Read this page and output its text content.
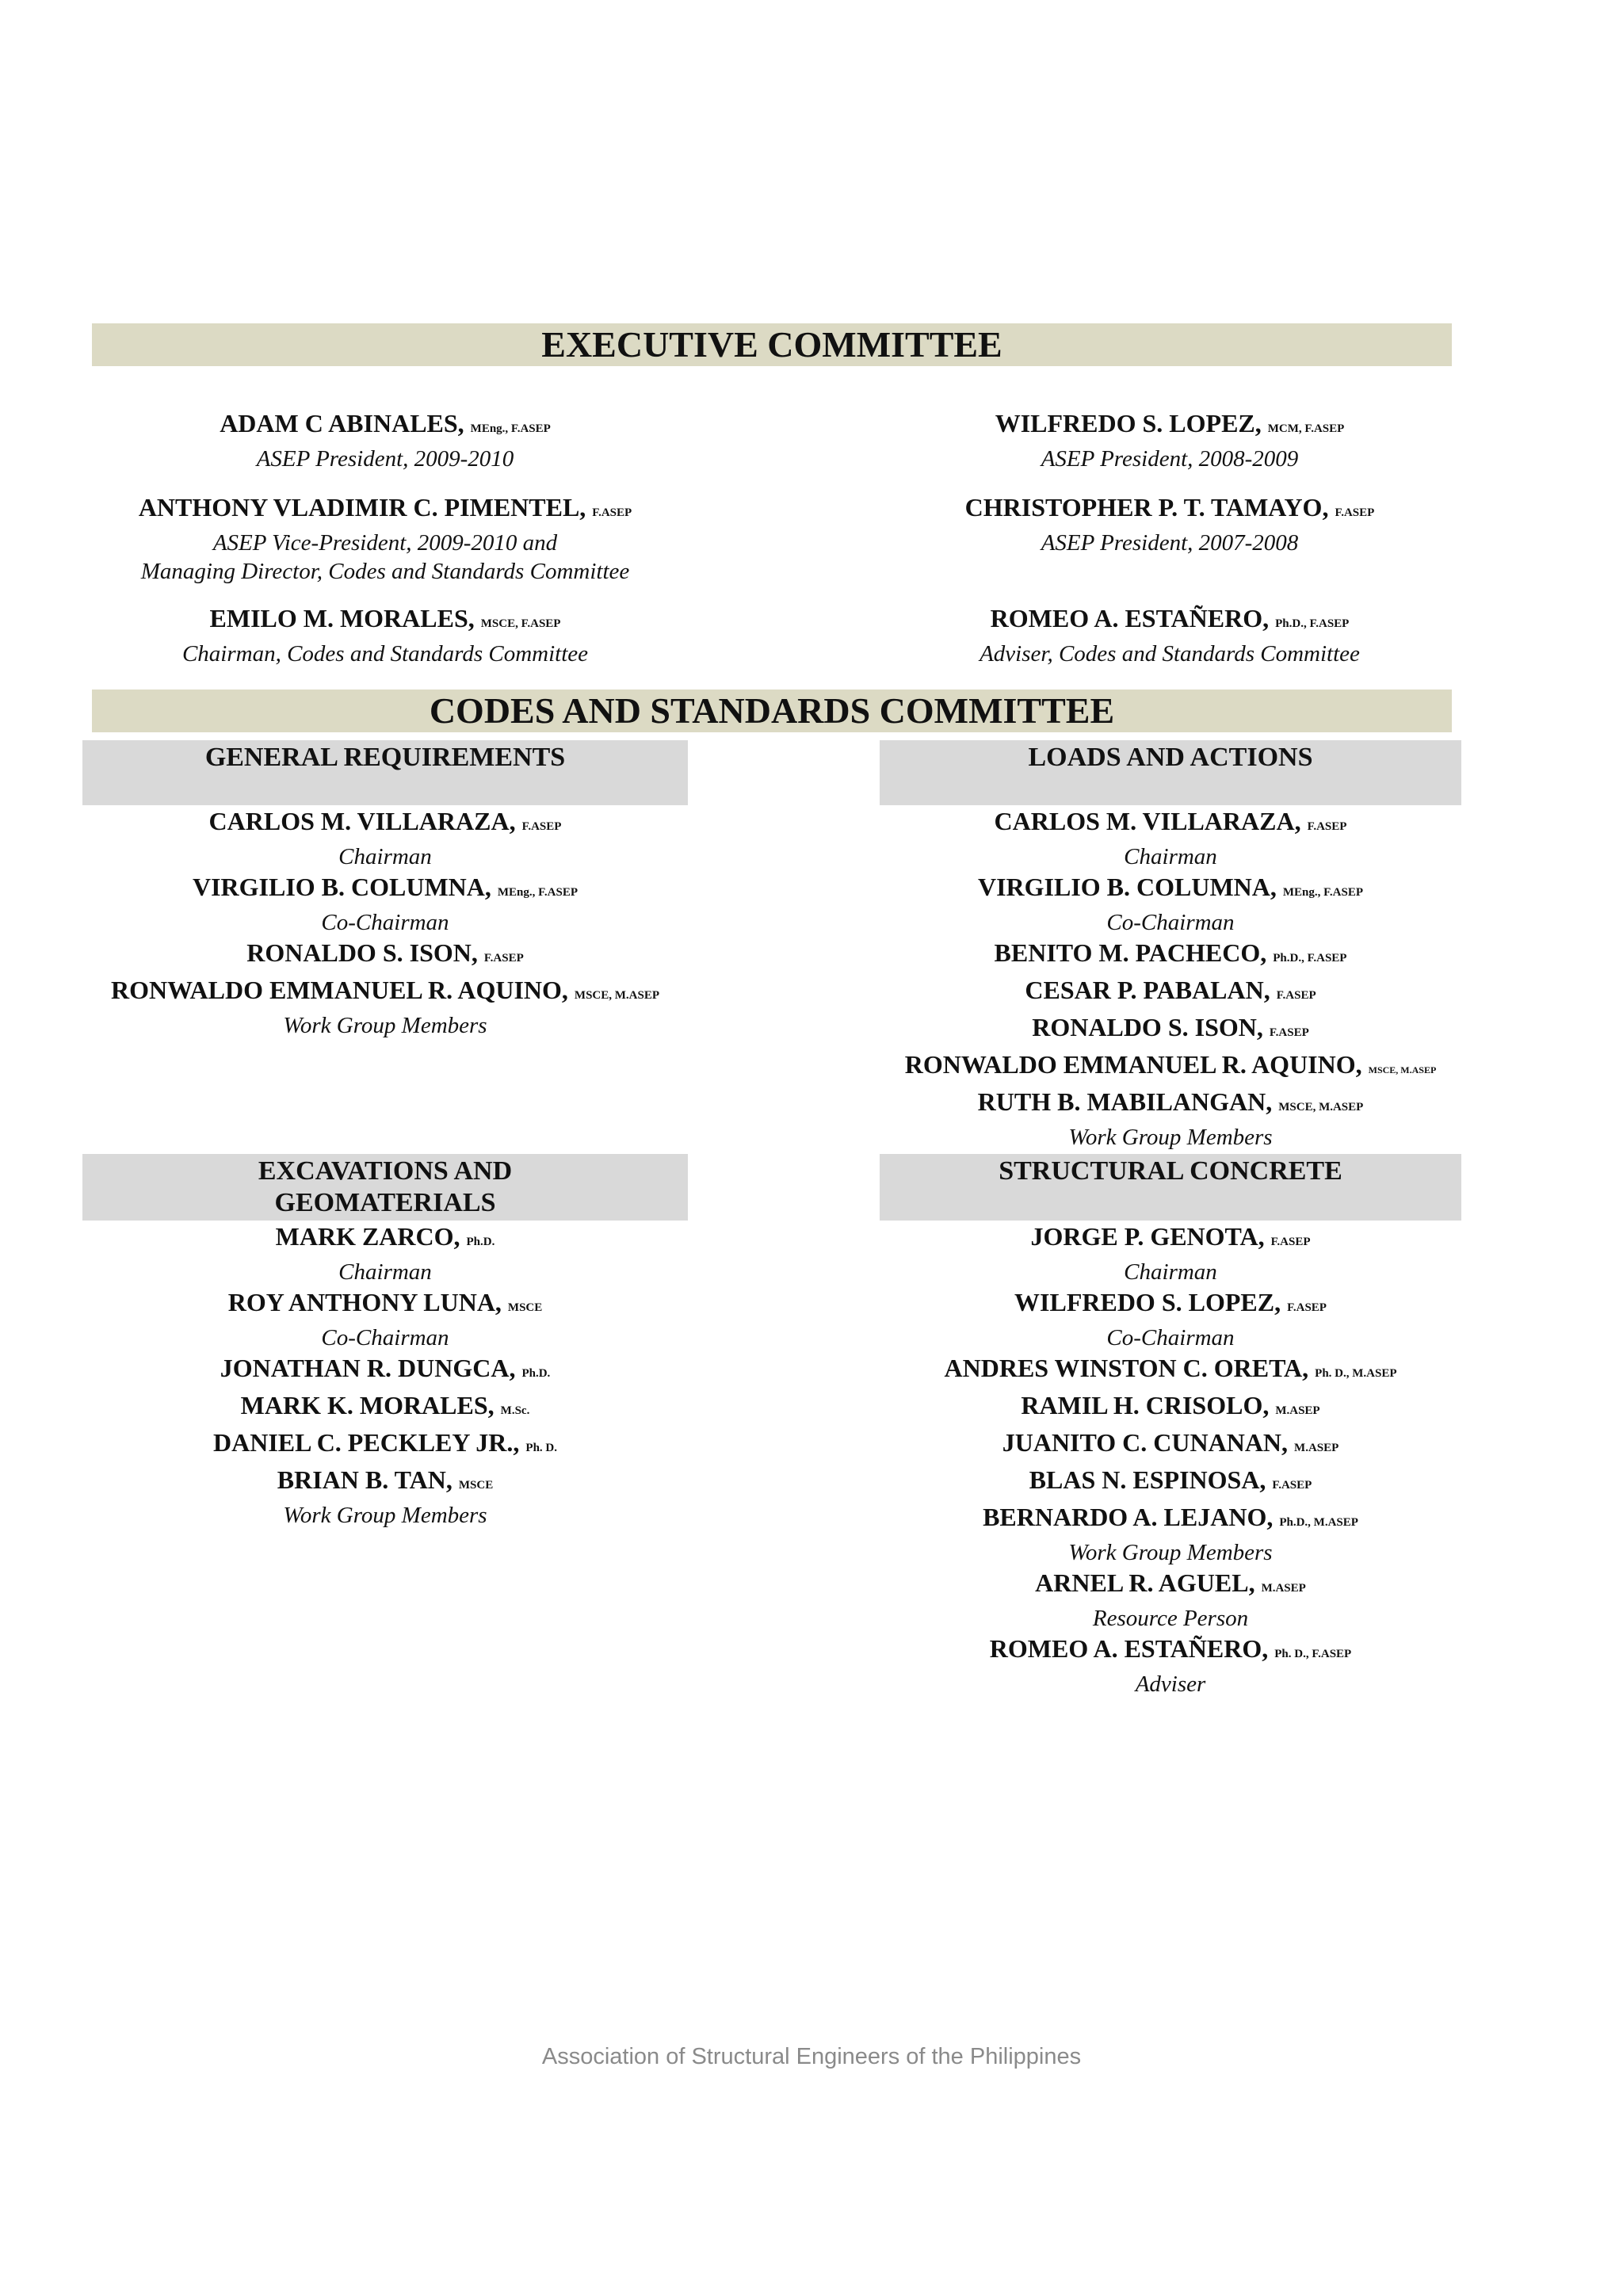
EXECUTIVE COMMITTEE
ADAM C ABINALES, MEng., F.ASEP
ASEP President, 2009-2010
WILFREDO S. LOPEZ, MCM, F.ASEP
ASEP President, 2008-2009
ANTHONY VLADIMIR C. PIMENTEL, F.ASEP
ASEP Vice-President, 2009-2010 and
Managing Director, Codes and Standards Committee
CHRISTOPHER P. T. TAMAYO, F.ASEP
ASEP President, 2007-2008
EMILO M. MORALES, MSCE, F.ASEP
Chairman, Codes and Standards Committee
ROMEO A. ESTAÑERO, Ph.D., F.ASEP
Adviser, Codes and Standards Committee
CODES AND STANDARDS COMMITTEE
GENERAL REQUIREMENTS
CARLOS M. VILLARAZA, F.ASEP
Chairman
VIRGILIO B. COLUMNA, MEng., F.ASEP
Co-Chairman
RONALDO S. ISON, F.ASEP
RONWALDO EMMANUEL R. AQUINO, MSCE, M.ASEP
Work Group Members
LOADS AND ACTIONS
CARLOS M. VILLARAZA, F.ASEP
Chairman
VIRGILIO B. COLUMNA, MEng., F.ASEP
Co-Chairman
BENITO M. PACHECO, Ph.D., F.ASEP
CESAR P. PABALAN, F.ASEP
RONALDO S. ISON, F.ASEP
RONWALDO EMMANUEL R. AQUINO, MSCE, M.ASEP
RUTH B. MABILANGAN, MSCE, M.ASEP
Work Group Members
EXCAVATIONS AND
GEOMATERIALS
MARK ZARCO, Ph.D.
Chairman
ROY ANTHONY LUNA, MSCE
Co-Chairman
JONATHAN R. DUNGCA, Ph.D.
MARK K. MORALES, M.Sc.
DANIEL C. PECKLEY JR., Ph. D.
BRIAN B. TAN, MSCE
Work Group Members
STRUCTURAL CONCRETE
JORGE P. GENOTA, F.ASEP
Chairman
WILFREDO S. LOPEZ, F.ASEP
Co-Chairman
ANDRES WINSTON C. ORETA, Ph. D., M.ASEP
RAMIL H. CRISOLO, M.ASEP
JUANITO C. CUNANAN, M.ASEP
BLAS N. ESPINOSA, F.ASEP
BERNARDO A. LEJANO, Ph.D., M.ASEP
Work Group Members
ARNEL R. AGUEL, M.ASEP
Resource Person
ROMEO A. ESTAÑERO, Ph. D., F.ASEP
Adviser
Association of Structural Engineers of the Philippines
